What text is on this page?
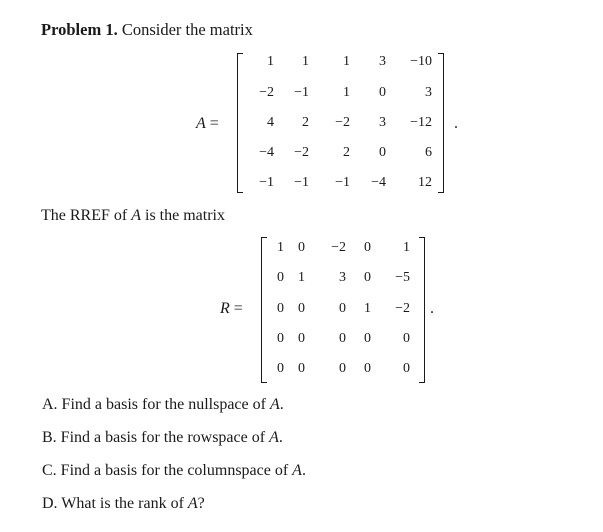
Problem 1. Consider the matrix
A =
1	1	1	3	−10
−2	−1	1	0	3
4	2	−2	3	−12
−4	−2	2	0	6
−1	−1	−1	−4	12
.
The RREF of A is the matrix
R =
1	0	−2	0	1
0	1	3	0	−5
0	0	0	1	−2
0	0	0	0	0
0	0	0	0	0
.
A. Find a basis for the nullspace of A.
B. Find a basis for the rowspace of A.
C. Find a basis for the columnspace of A.
D. What is the rank of A?
